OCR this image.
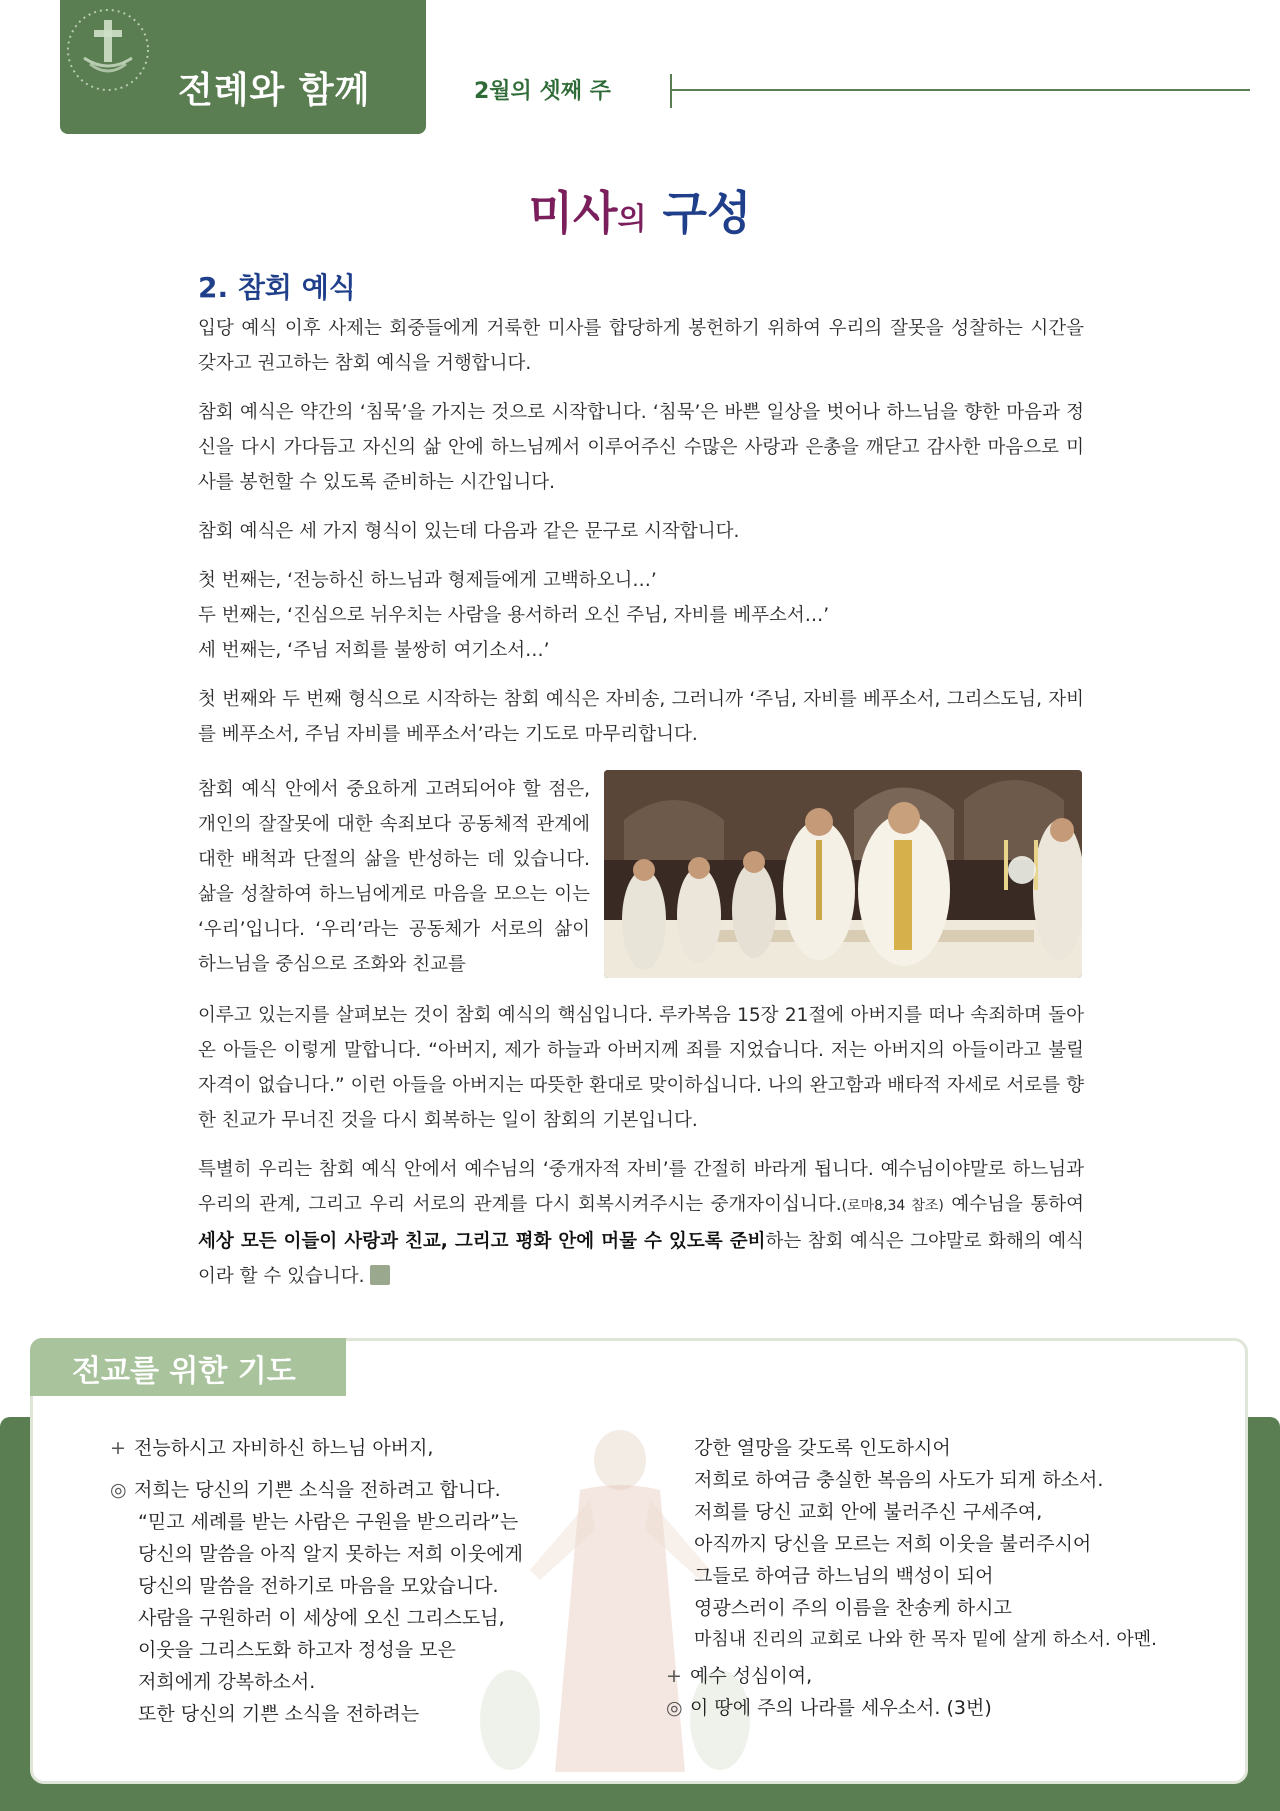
전례와 함께	2월의 셋째 주
미사의 구성
2. 참회 예식

입당 예식 이후 사제는 회중들에게 거룩한 미사를 합당하게 봉헌하기 위하여 우리의 잘못을 성찰하는 시간을 갖자고 권고하는 참회 예식을 거행합니다.

참회 예식은 약간의 ‘침묵’을 가지는 것으로 시작합니다. ‘침묵’은 바쁜 일상을 벗어나 하느님을 향한 마음과 정신을 다시 가다듬고 자신의 삶 안에 하느님께서 이루어주신 수많은 사랑과 은총을 깨닫고 감사한 마음으로 미사를 봉헌할 수 있도록 준비하는 시간입니다.

참회 예식은 세 가지 형식이 있는데 다음과 같은 문구로 시작합니다.

첫 번째는, ‘전능하신 하느님과 형제들에게 고백하오니…’

두 번째는, ‘진심으로 뉘우치는 사람을 용서하러 오신 주님, 자비를 베푸소서…’

세 번째는, ‘주님 저희를 불쌍히 여기소서…’

첫 번째와 두 번째 형식으로 시작하는 참회 예식은 자비송, 그러니까 ‘주님, 자비를 베푸소서, 그리스도님, 자비를 베푸소서, 주님 자비를 베푸소서’라는 기도로 마무리합니다.

참회 예식 안에서 중요하게 고려되어야 할 점은, 개인의 잘잘못에 대한 속죄보다 공동체적 관계에 대한 배척과 단절의 삶을 반성하는 데 있습니다. 삶을 성찰하여 하느님에게로 마음을 모으는 이는 ‘우리’입니다. ‘우리’라는 공동체가 서로의 삶이 하느님을 중심으로 조화와 친교를

이루고 있는지를 살펴보는 것이 참회 예식의 핵심입니다. 루카복음 15장 21절에 아버지를 떠나 속죄하며 돌아온 아들은 이렇게 말합니다. “아버지, 제가 하늘과 아버지께 죄를 지었습니다. 저는 아버지의 아들이라고 불릴 자격이 없습니다.” 이런 아들을 아버지는 따뜻한 환대로 맞이하십니다. 나의 완고함과 배타적 자세로 서로를 향한 친교가 무너진 것을 다시 회복하는 일이 참회의 기본입니다.

특별히 우리는 참회 예식 안에서 예수님의 ‘중개자적 자비’를 간절히 바라게 됩니다. 예수님이야말로 하느님과 우리의 관계, 그리고 우리 서로의 관계를 다시 회복시켜주시는 중개자이십니다.(로마8,34 참조) 예수님을 통하여 세상 모든 이들이 사랑과 친교, 그리고 평화 안에 머물 수 있도록 준비하는 참회 예식은 그야말로 화해의 예식이라 할 수 있습니다.

전교를 위한 기도
+ 전능하시고 자비하신 하느님 아버지,
◎ 저희는 당신의 기쁜 소식을 전하려고 합니다.
“믿고 세례를 받는 사람은 구원을 받으리라”는
당신의 말씀을 아직 알지 못하는 저희 이웃에게
당신의 말씀을 전하기로 마음을 모았습니다.
사람을 구원하러 이 세상에 오신 그리스도님,
이웃을 그리스도화 하고자 정성을 모은
저희에게 강복하소서.
또한 당신의 기쁜 소식을 전하려는
강한 열망을 갖도록 인도하시어
저희로 하여금 충실한 복음의 사도가 되게 하소서.
저희를 당신 교회 안에 불러주신 구세주여,
아직까지 당신을 모르는 저희 이웃을 불러주시어
그들로 하여금 하느님의 백성이 되어
영광스러이 주의 이름을 찬송케 하시고
마침내 진리의 교회로 나와 한 목자 밑에 살게 하소서. 아멘.
+ 예수 성심이여,
◎ 이 땅에 주의 나라를 세우소서. (3번)
